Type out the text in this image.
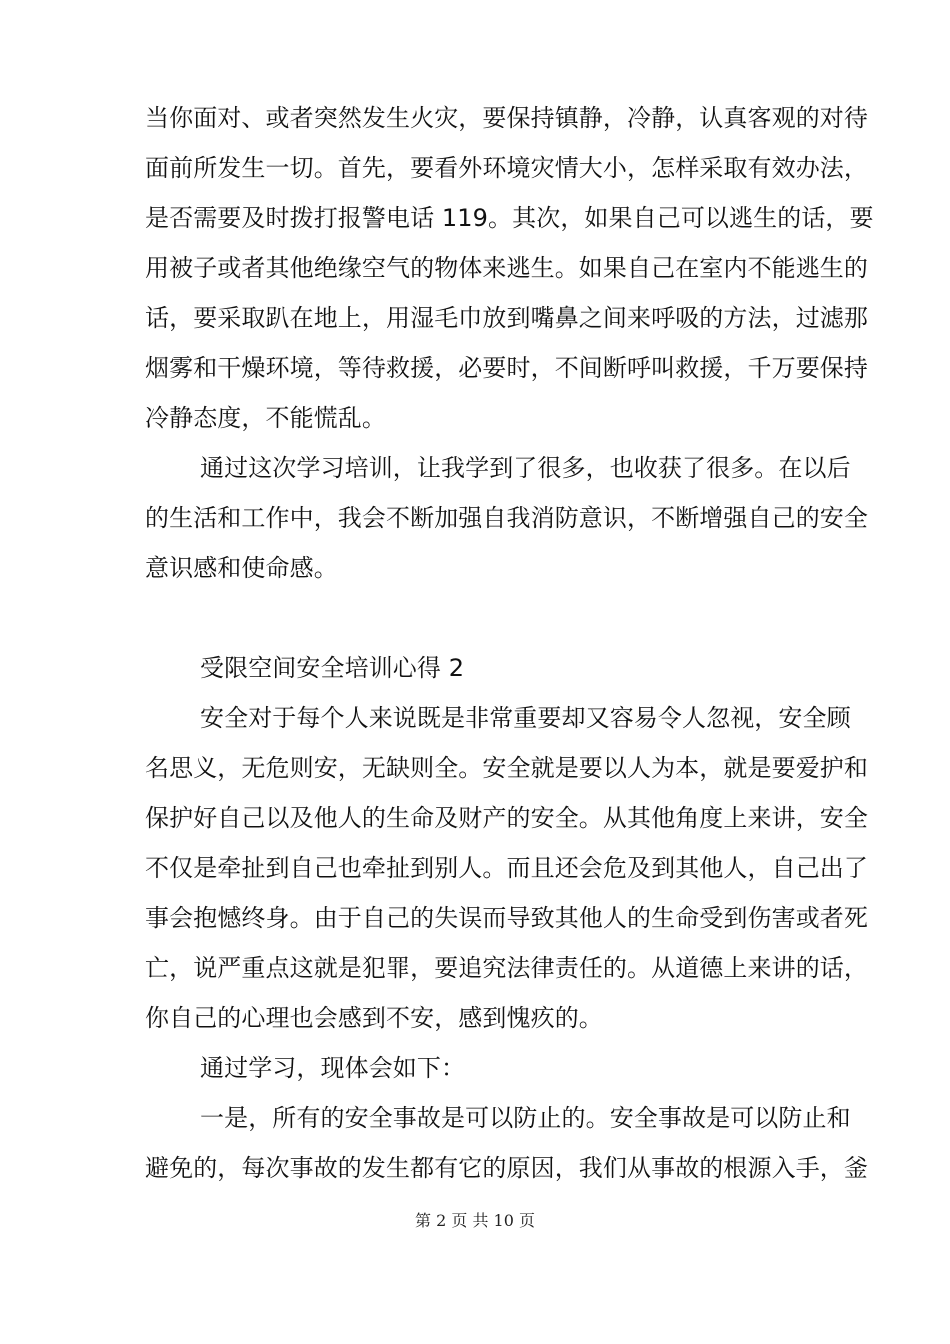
当你面对、或者突然发生火灾，要保持镇静，冷静，认真客观的对待
面前所发生一切。首先，要看外环境灾情大小，怎样采取有效办法，
是否需要及时拨打报警电话 119。其次，如果自己可以逃生的话，要
用被子或者其他绝缘空气的物体来逃生。如果自己在室内不能逃生的
话，要采取趴在地上，用湿毛巾放到嘴鼻之间来呼吸的方法，过滤那
烟雾和干燥环境，等待救援，必要时，不间断呼叫救援，千万要保持
冷静态度，不能慌乱。
通过这次学习培训，让我学到了很多，也收获了很多。在以后
的生活和工作中，我会不断加强自我消防意识，不断增强自己的安全
意识感和使命感。
受限空间安全培训心得 2
安全对于每个人来说既是非常重要却又容易令人忽视，安全顾
名思义，无危则安，无缺则全。安全就是要以人为本，就是要爱护和
保护好自己以及他人的生命及财产的安全。从其他角度上来讲，安全
不仅是牵扯到自己也牵扯到别人。而且还会危及到其他人，自己出了
事会抱憾终身。由于自己的失误而导致其他人的生命受到伤害或者死
亡，说严重点这就是犯罪，要追究法律责任的。从道德上来讲的话，
你自己的心理也会感到不安，感到愧疚的。
通过学习，现体会如下：
一是，所有的安全事故是可以防止的。安全事故是可以防止和
避免的，每次事故的发生都有它的原因，我们从事故的根源入手，釜
第 2 页 共 10 页
